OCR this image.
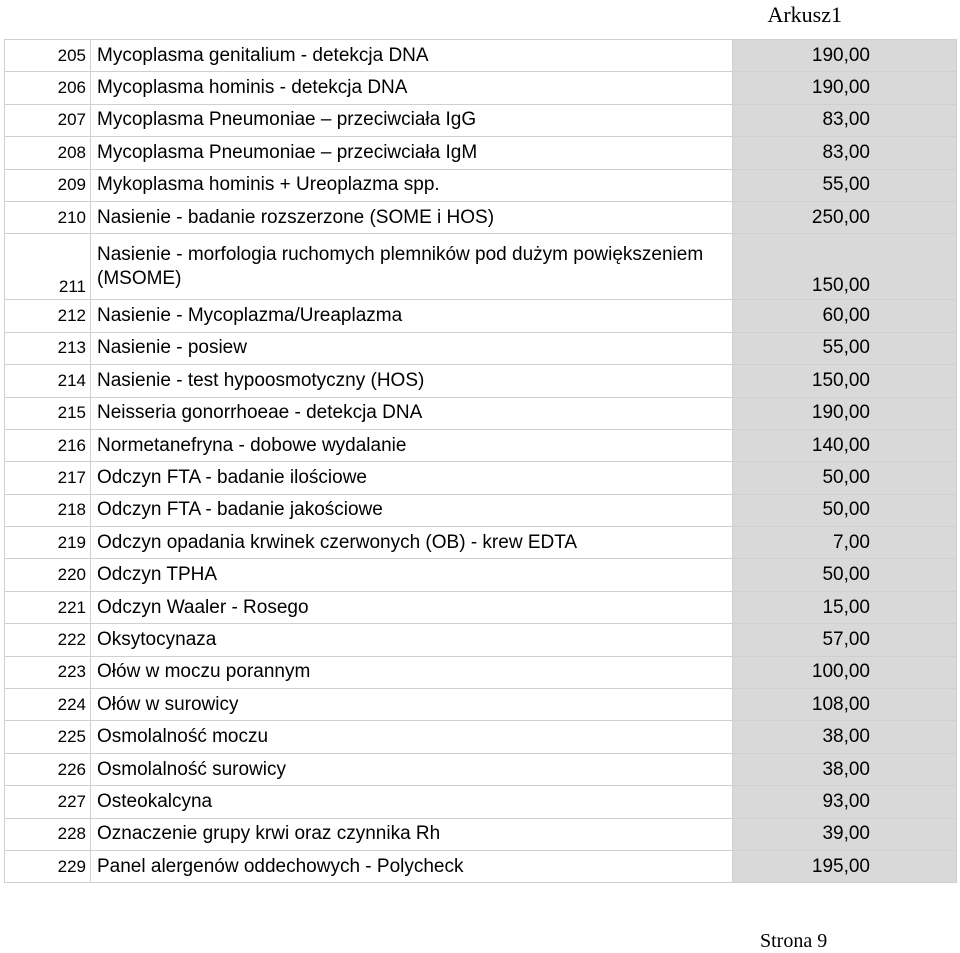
Arkusz1
205	Mycoplasma genitalium - detekcja DNA	190,00
206	Mycoplasma hominis - detekcja DNA	190,00
207	Mycoplasma Pneumoniae – przeciwciała IgG	83,00
208	Mycoplasma Pneumoniae – przeciwciała IgM	83,00
209	Mykoplasma hominis + Ureoplazma spp.	55,00
210	Nasienie - badanie rozszerzone (SOME i HOS)	250,00
211	Nasienie - morfologia ruchomych plemników pod dużym powiększeniem (MSOME)	150,00
212	Nasienie - Mycoplazma/Ureaplazma	60,00
213	Nasienie - posiew	55,00
214	Nasienie - test hypoosmotyczny (HOS)	150,00
215	Neisseria gonorrhoeae - detekcja DNA	190,00
216	Normetanefryna - dobowe wydalanie	140,00
217	Odczyn FTA - badanie ilościowe	50,00
218	Odczyn FTA - badanie jakościowe	50,00
219	Odczyn opadania krwinek czerwonych (OB) - krew EDTA	7,00
220	Odczyn TPHA	50,00
221	Odczyn Waaler - Rosego	15,00
222	Oksytocynaza	57,00
223	Ołów w moczu porannym	100,00
224	Ołów w surowicy	108,00
225	Osmolalność moczu	38,00
226	Osmolalność surowicy	38,00
227	Osteokalcyna	93,00
228	Oznaczenie grupy krwi oraz czynnika Rh	39,00
229	Panel alergenów oddechowych - Polycheck	195,00
Strona 9
